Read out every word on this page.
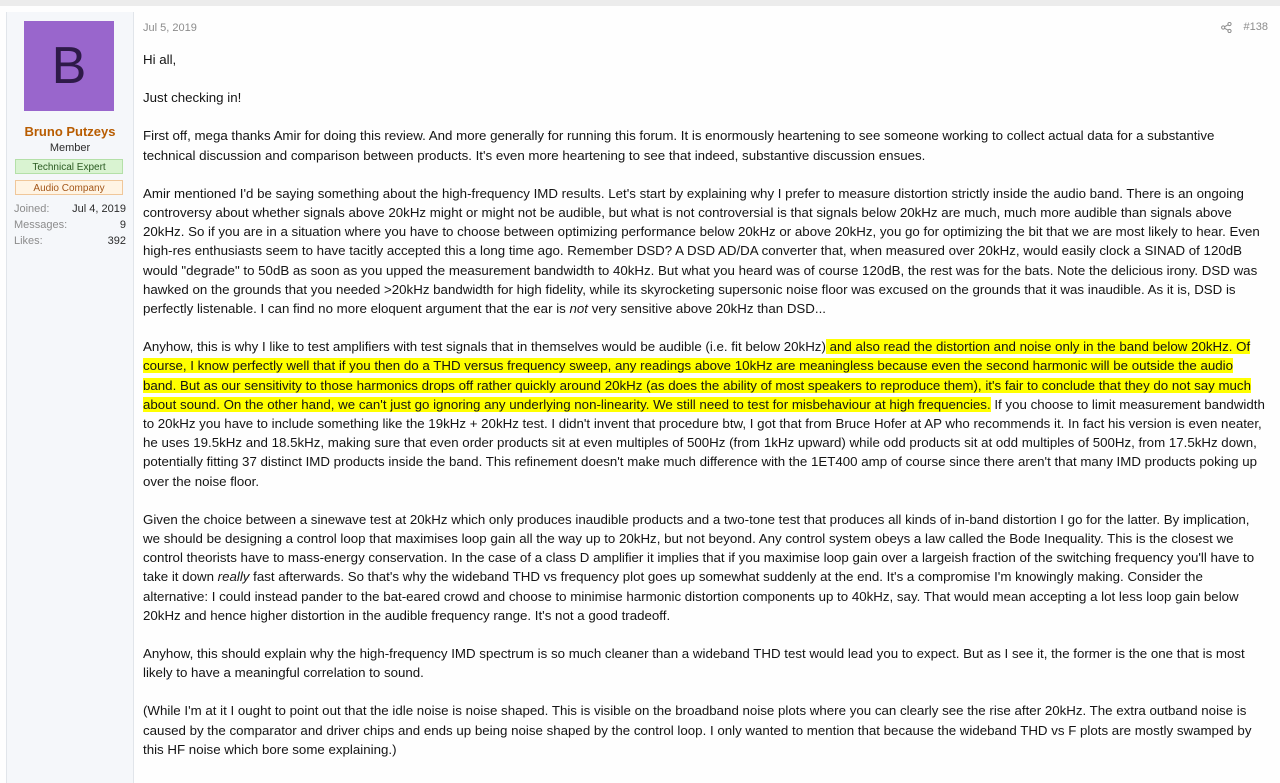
B
Bruno Putzeys
Member
Technical Expert
Audio Company
Joined: Jul 4, 2019
Messages:	9
Likes:	392
Jul 5, 2019	#138

Hi all,

Just checking in!

First off, mega thanks Amir for doing this review. And more generally for running this forum. It is enormously heartening to see someone working to collect actual data for a substantive technical discussion and comparison between products. It's even more heartening to see that indeed, substantive discussion ensues.

Amir mentioned I'd be saying something about the high-frequency IMD results. Let's start by explaining why I prefer to measure distortion strictly inside the audio band. There is an ongoing controversy about whether signals above 20kHz might or might not be audible, but what is not controversial is that signals below 20kHz are much, much more audible than signals above 20kHz. So if you are in a situation where you have to choose between optimizing performance below 20kHz or above 20kHz, you go for optimizing the bit that we are most likely to hear. Even high-res enthusiasts seem to have tacitly accepted this a long time ago. Remember DSD? A DSD AD/DA converter that, when measured over 20kHz, would easily clock a SINAD of 120dB would "degrade" to 50dB as soon as you upped the measurement bandwidth to 40kHz. But what you heard was of course 120dB, the rest was for the bats. Note the delicious irony. DSD was hawked on the grounds that you needed >20kHz bandwidth for high fidelity, while its skyrocketing supersonic noise floor was excused on the grounds that it was inaudible. As it is, DSD is perfectly listenable. I can find no more eloquent argument that the ear is not very sensitive above 20kHz than DSD...

Anyhow, this is why I like to test amplifiers with test signals that in themselves would be audible (i.e. fit below 20kHz) and also read the distortion and noise only in the band below 20kHz. Of course, I know perfectly well that if you then do a THD versus frequency sweep, any readings above 10kHz are meaningless because even the second harmonic will be outside the audio band. But as our sensitivity to those harmonics drops off rather quickly around 20kHz (as does the ability of most speakers to reproduce them), it's fair to conclude that they do not say much about sound. On the other hand, we can't just go ignoring any underlying non-linearity. We still need to test for misbehaviour at high frequencies. If you choose to limit measurement bandwidth to 20kHz you have to include something like the 19kHz + 20kHz test. I didn't invent that procedure btw, I got that from Bruce Hofer at AP who recommends it. In fact his version is even neater, he uses 19.5kHz and 18.5kHz, making sure that even order products sit at even multiples of 500Hz (from 1kHz upward) while odd products sit at odd multiples of 500Hz, from 17.5kHz down, potentially fitting 37 distinct IMD products inside the band. This refinement doesn't make much difference with the 1ET400 amp of course since there aren't that many IMD products poking up over the noise floor.

Given the choice between a sinewave test at 20kHz which only produces inaudible products and a two-tone test that produces all kinds of in-band distortion I go for the latter. By implication, we should be designing a control loop that maximises loop gain all the way up to 20kHz, but not beyond. Any control system obeys a law called the Bode Inequality. This is the closest we control theorists have to mass-energy conservation. In the case of a class D amplifier it implies that if you maximise loop gain over a largeish fraction of the switching frequency you'll have to take it down really fast afterwards. So that's why the wideband THD vs frequency plot goes up somewhat suddenly at the end. It's a compromise I'm knowingly making. Consider the alternative: I could instead pander to the bat-eared crowd and choose to minimise harmonic distortion components up to 40kHz, say. That would mean accepting a lot less loop gain below 20kHz and hence higher distortion in the audible frequency range. It's not a good tradeoff.

Anyhow, this should explain why the high-frequency IMD spectrum is so much cleaner than a wideband THD test would lead you to expect. But as I see it, the former is the one that is most likely to have a meaningful correlation to sound.

(While I'm at it I ought to point out that the idle noise is noise shaped. This is visible on the broadband noise plots where you can clearly see the rise after 20kHz. The extra outband noise is caused by the comparator and driver chips and ends up being noise shaped by the control loop. I only wanted to mention that because the wideband THD vs F plots are mostly swamped by this HF noise which bore some explaining.)
